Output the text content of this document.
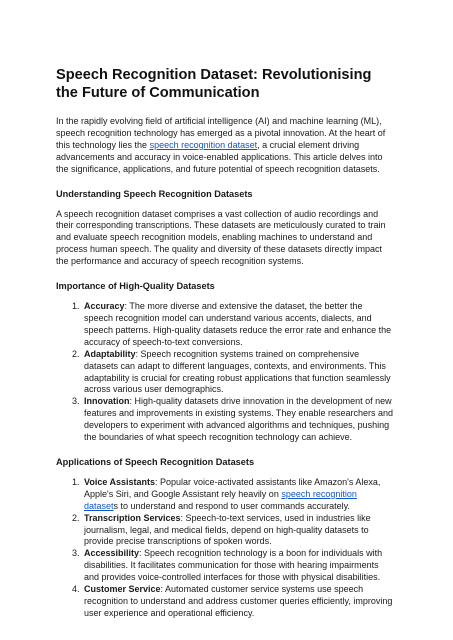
Speech Recognition Dataset: Revolutionising the Future of Communication

In the rapidly evolving field of artificial intelligence (AI) and machine learning (ML), speech recognition technology has emerged as a pivotal innovation. At the heart of this technology lies the speech recognition dataset, a crucial element driving advancements and accuracy in voice-enabled applications. This article delves into the significance, applications, and future potential of speech recognition datasets.

Understanding Speech Recognition Datasets

A speech recognition dataset comprises a vast collection of audio recordings and their corresponding transcriptions. These datasets are meticulously curated to train and evaluate speech recognition models, enabling machines to understand and process human speech. The quality and diversity of these datasets directly impact the performance and accuracy of speech recognition systems.

Importance of High-Quality Datasets
1. Accuracy: The more diverse and extensive the dataset, the better the speech recognition model can understand various accents, dialects, and speech patterns. High-quality datasets reduce the error rate and enhance the accuracy of speech-to-text conversions.
2. Adaptability: Speech recognition systems trained on comprehensive datasets can adapt to different languages, contexts, and environments. This adaptability is crucial for creating robust applications that function seamlessly across various user demographics.
3. Innovation: High-quality datasets drive innovation in the development of new features and improvements in existing systems. They enable researchers and developers to experiment with advanced algorithms and techniques, pushing the boundaries of what speech recognition technology can achieve.
Applications of Speech Recognition Datasets
1. Voice Assistants: Popular voice-activated assistants like Amazon's Alexa, Apple's Siri, and Google Assistant rely heavily on speech recognition datasets to understand and respond to user commands accurately.
2. Transcription Services: Speech-to-text services, used in industries like journalism, legal, and medical fields, depend on high-quality datasets to provide precise transcriptions of spoken words.
3. Accessibility: Speech recognition technology is a boon for individuals with disabilities. It facilitates communication for those with hearing impairments and provides voice-controlled interfaces for those with physical disabilities.
4. Customer Service: Automated customer service systems use speech recognition to understand and address customer queries efficiently, improving user experience and operational efficiency.
